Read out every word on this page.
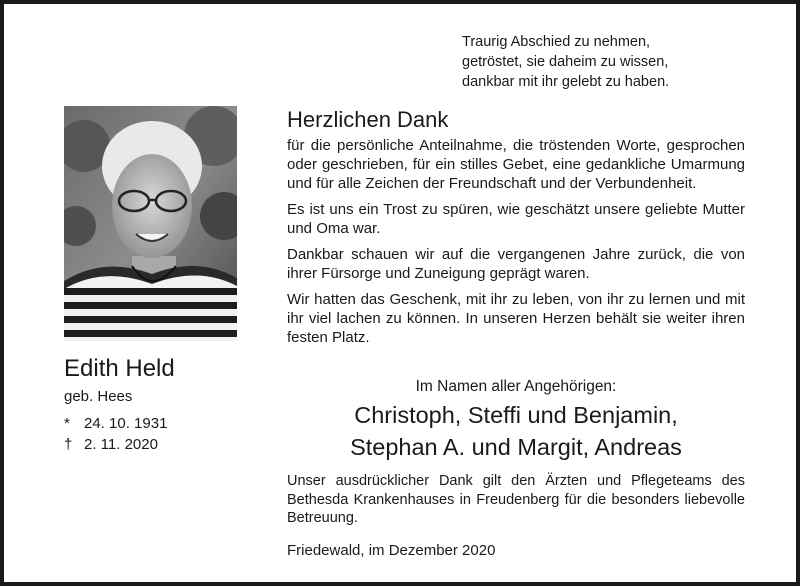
Traurig Abschied zu nehmen,
getröstet, sie daheim zu wissen,
dankbar mit ihr gelebt zu haben.
Edith Held
geb. Hees
* 24. 10. 1931
† 2. 11. 2020
Herzlichen Dank

für die persönliche Anteilnahme, die tröstenden Worte, gesprochen oder geschrieben, für ein stilles Gebet, eine gedankliche Umarmung und für alle Zeichen der Freundschaft und der Verbundenheit.

Es ist uns ein Trost zu spüren, wie geschätzt unsere geliebte Mutter und Oma war.

Dankbar schauen wir auf die vergangenen Jahre zurück, die von ihrer Fürsorge und Zuneigung geprägt waren.

Wir hatten das Geschenk, mit ihr zu leben, von ihr zu lernen und mit ihr viel lachen zu können. In unseren Herzen behält sie weiter ihren festen Platz.

Im Namen aller Angehörigen:
Christoph, Steffi und Benjamin,
Stephan A. und Margit, Andreas
Unser ausdrücklicher Dank gilt den Ärzten und Pflegeteams des Bethesda Krankenhauses in Freudenberg für die besonders liebevolle Betreuung.
Friedewald, im Dezember 2020
